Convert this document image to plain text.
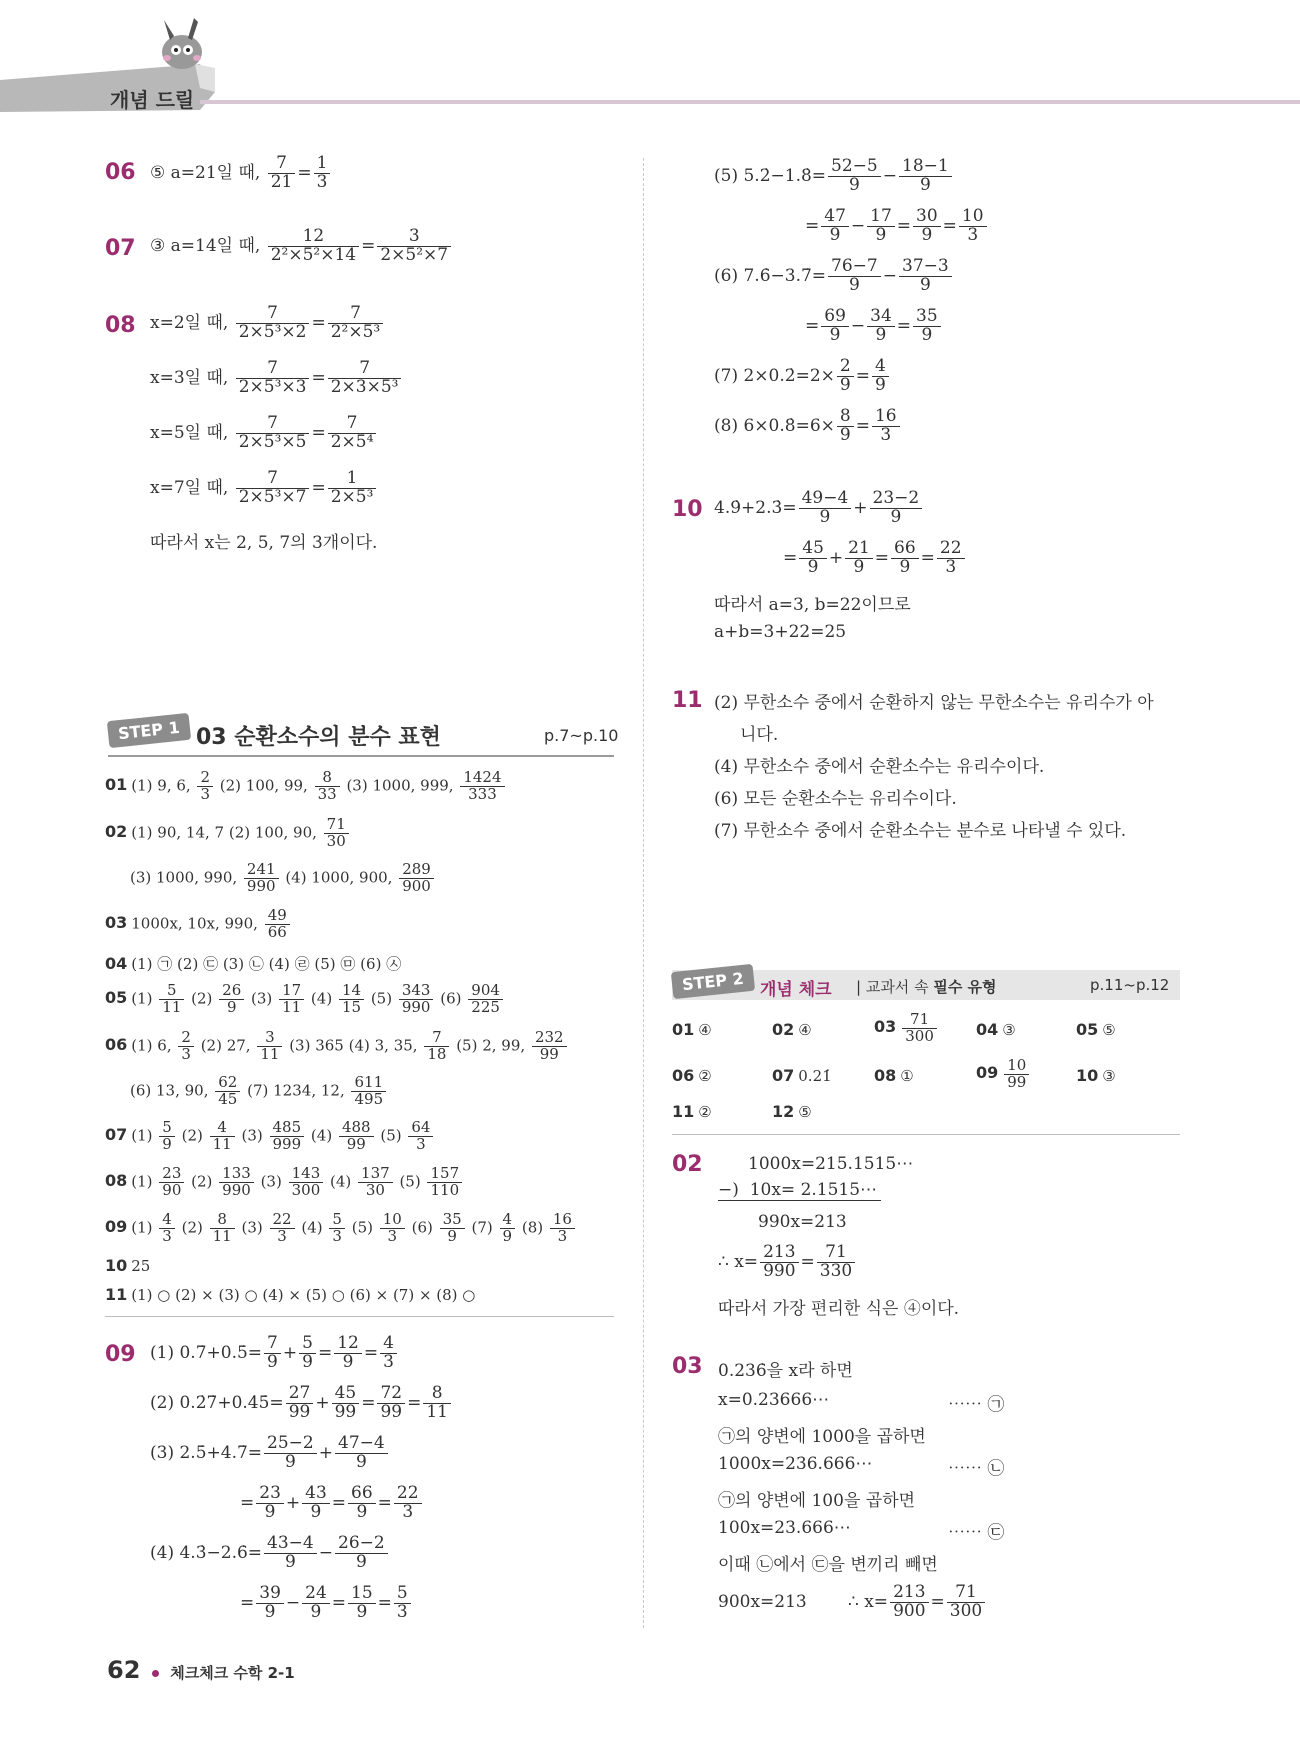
개념 드릴
06 ⑤ a=21일 때, $\frac{7}{21} = \frac{1}{3}$
07 ③ a=14일 때, $\frac{12}{\text{2²×5²×14}} = \frac{3}{\text{2×5²×7}}$
08 x=2일 때, $\frac{7}{\text{2×5³×2}} = \frac{7}{\text{2²×5³}}$
x=3일 때, $\frac{7}{\text{2×5³×3}} = \frac{7}{\text{2×3×5³}}$
x=5일 때, $\frac{7}{\text{2×5³×5}} = \frac{7}{\text{2×5⁴}}$
x=7일 때, $\frac{7}{\text{2×5³×7}} = \frac{1}{\text{2×5³}}$
따라서 x는 2, 5, 7의 3개이다.
STEP 1 03 순환소수의 분수 표현	p.7~p.10
01 (1) 9, 6, $\frac{2}{3} (2)$ 100, 99, $\frac{8}{33} (3)$ 1000, 999, $\frac{1424}{333}$
02 (1) 90, 14, 7 (2) 100, 90, $\frac{71}{30}$
(3) 1000, 990, $\frac{241}{990} (4)$ 1000, 900, $\frac{289}{900}$
03 1000x, 10x, 990, $\frac{49}{66}$
04 (1) ㉠ (2) ㉢ (3) ㉡ (4) ㉣ (5) ㉤ (6) ㉦
05 $(1) \frac{5}{11} (2) \frac{26}{9} (3) \frac{17}{11} (4) \frac{14}{15} (5) \frac{343}{990} (6) \frac{904}{225}$
06 (1) 6, $\frac{2}{3} (2)$ 27, $\frac{3}{11} (3)$ 365 (4) 3, 35, $\frac{7}{18} (5)$ 2, 99, $\frac{232}{99}$
(6) 13, 90, $\frac{62}{45} (7)$ 1234, 12, $\frac{611}{495}$
07 $(1) \frac{5}{9} (2) \frac{4}{11} (3) \frac{485}{999} (4) \frac{488}{99} (5) \frac{64}{3}$
08 $(1) \frac{23}{90} (2) \frac{133}{990} (3) \frac{143}{300} (4) \frac{137}{30} (5) \frac{157}{110}$
09 $(1) \frac{4}{3} (2) \frac{8}{11} (3) \frac{22}{3} (4) \frac{5}{3} (5) \frac{10}{3} (6) \frac{35}{9} (7) \frac{4}{9} (8) \frac{16}{3}$
10 25
11 (1) ○ (2) × (3) ○ (4) × (5) ○ (6) × (7) × (8) ○
09 (1) 0.7̇+0.5̇= $\frac{7}{9} + \frac{5}{9} = \frac{12}{9} = \frac{4}{3}$
(2) 0.2̇7̇+0.4̇5̇= $\frac{27}{99} + \frac{45}{99} = \frac{72}{99} = \frac{8}{11}$
(3) 2.5̇+4.7̇= $\frac{25-2}{9} + \frac{47-4}{9}$
= $\frac{23}{9} + \frac{43}{9} = \frac{66}{9} = \frac{22}{3}$
(4) 4.3̇−2.6̇= $\frac{43-4}{9} - \frac{26-2}{9}$
= $\frac{39}{9} - \frac{24}{9} = \frac{15}{9} = \frac{5}{3}$
(5) 5.2̇−1.8̇= $\frac{52-5}{9} - \frac{18-1}{9}$
= $\frac{47}{9} - \frac{17}{9} = \frac{30}{9} = \frac{10}{3}$
(6) 7.6̇−3.7̇= $\frac{76-7}{9} - \frac{37-3}{9}$
= $\frac{69}{9} - \frac{34}{9} = \frac{35}{9}$
(7) 2×0.2̇=2× $\frac{2}{9} = \frac{4}{9}$
(8) 6×0.8̇=6× $\frac{8}{9} = \frac{16}{3}$
10 4.9̇+2.3̇= $\frac{49-4}{9} + \frac{23-2}{9}$
= $\frac{45}{9} + \frac{21}{9} = \frac{66}{9} = \frac{22}{3}$
따라서 a=3, b=22이므로
a+b=3+22=25
11 (2) 무한소수 중에서 순환하지 않는 무한소수는 유리수가 아
니다.
(4) 무한소수 중에서 순환소수는 유리수이다.
(6) 모든 순환소수는 유리수이다.
(7) 무한소수 중에서 순환소수는 분수로 나타낼 수 있다.
STEP 2 개념 체크 | 교과서 속 필수 유형	p.11~p.12
01 ④	02 ④	$03 \frac{71}{300} 04$ ③	05 ⑤
06 ②	07 0.21̇	08 ①	$09 \frac{10}{99}$	10 ③
11 ②	12 ⑤
02	1000x=215.1515⋯
−) 10x= 2.1515⋯
990x=213
∴ $x= \frac{213}{990} = \frac{71}{330}$
따라서 가장 편리한 식은 ④이다.
03 0.236̇을 x라 하면
x=0.23666⋯	⋯⋯ ㉠
㉠의 양변에 1000을 곱하면
1000x=236.666⋯	⋯⋯ ㉡
㉠의 양변에 100을 곱하면
100x=23.666⋯	⋯⋯ ㉢
이때 ㉡에서 ㉢을 변끼리 빼면
900x=213 ∴ $x= \frac{213}{900} = \frac{71}{300}$
62 체크체크 수학 2-1
